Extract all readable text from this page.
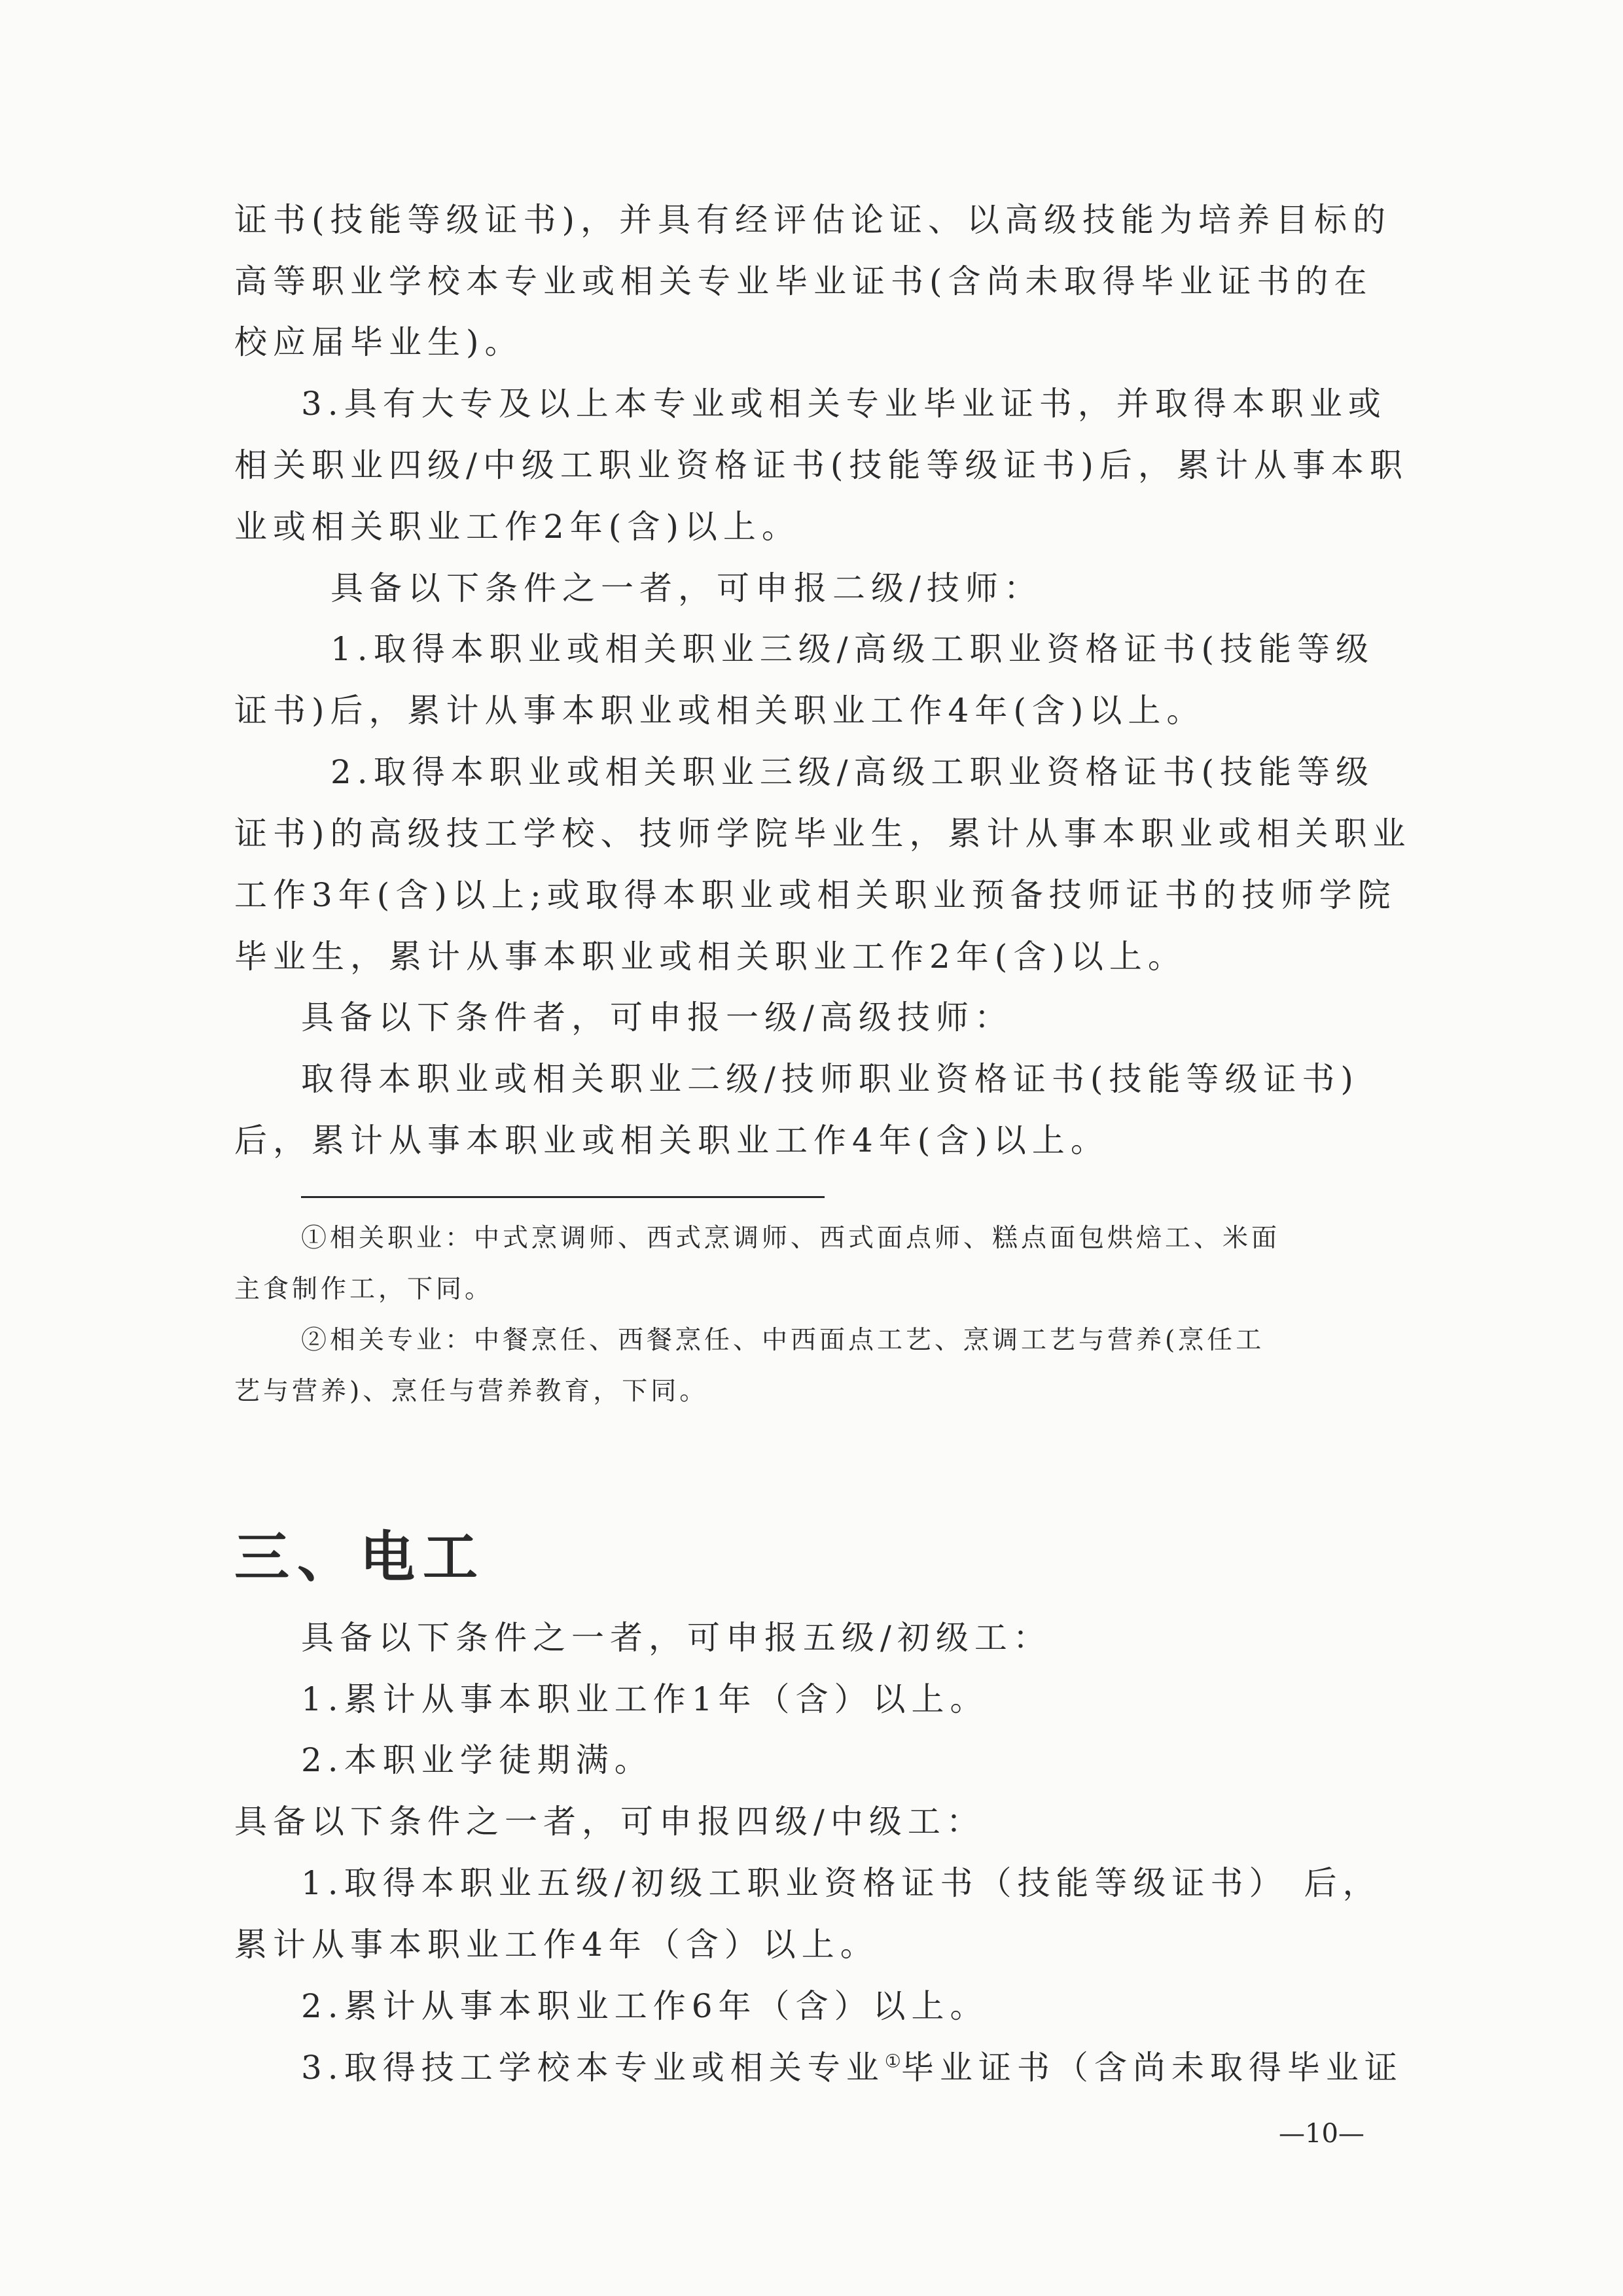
证书(技能等级证书)，并具有经评估论证、以高级技能为培养目标的
高等职业学校本专业或相关专业毕业证书(含尚未取得毕业证书的在
校应届毕业生)。
3.具有大专及以上本专业或相关专业毕业证书，并取得本职业或
相关职业四级/中级工职业资格证书(技能等级证书)后，累计从事本职
业或相关职业工作2年(含)以上。
具备以下条件之一者，可申报二级/技师：
1.取得本职业或相关职业三级/高级工职业资格证书(技能等级
证书)后，累计从事本职业或相关职业工作4年(含)以上。
2.取得本职业或相关职业三级/高级工职业资格证书(技能等级
证书)的高级技工学校、技师学院毕业生，累计从事本职业或相关职业
工作3年(含)以上;或取得本职业或相关职业预备技师证书的技师学院
毕业生，累计从事本职业或相关职业工作2年(含)以上。
具备以下条件者，可申报一级/高级技师：
取得本职业或相关职业二级/技师职业资格证书(技能等级证书)
后，累计从事本职业或相关职业工作4年(含)以上。
①相关职业：中式烹调师、西式烹调师、西式面点师、糕点面包烘焙工、米面
主食制作工，下同。
②相关专业：中餐烹任、西餐烹任、中西面点工艺、烹调工艺与营养(烹任工
艺与营养)、烹任与营养教育，下同。
三、电工
具备以下条件之一者，可申报五级/初级工：
1.累计从事本职业工作1年（含）以上。
2.本职业学徒期满。
具备以下条件之一者，可申报四级/中级工：
1.取得本职业五级/初级工职业资格证书（技能等级证书） 后，
累计从事本职业工作4年（含）以上。
2.累计从事本职业工作6年（含）以上。
3.取得技工学校本专业或相关专业①毕业证书（含尚未取得毕业证
—10—
